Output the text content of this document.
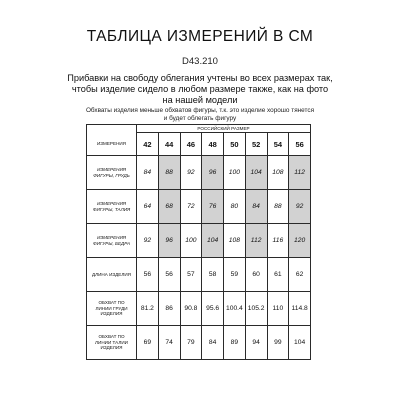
ТАБЛИЦА ИЗМЕРЕНИЙ В СМ
D43.210
Прибавки на свободу облегания учтены во всех размерах так,
чтобы изделие сидело в любом размере также, как на фото
на нашей модели
Обхваты изделия меньше обхватов фигуры, т.к. это изделие хорошо тянется
и будет облегать фигуру
	РОССИЙСКИЙ РАЗМЕР							
ИЗМЕРЕНИЯ	42	44	46	48	50	52	54	56

ИЗМЕРЕНИЯ
ФИГУРЫ, ГРУДЬ	84	88	92	96	100	104	108	112

ИЗМЕРЕНИЯ
ФИГУРЫ, ТАЛИЯ	64	68	72	76	80	84	88	92

ИЗМЕРЕНИЯ
ФИГУРЫ, БЕДРА	92	96	100	104	108	112	116	120

ДЛИНА ИЗДЕЛИЯ	56	56	57	58	59	60	61	62

ОБХВАТ ПО
ЛИНИИ ГРУДИ
ИЗДЕЛИЯ	81.2	86	90.8	95.6	100.4	105.2	110	114.8

ОБХВАТ ПО
ЛИНИИ ТАЛИИ
ИЗДЕЛИЯ	69	74	79	84	89	94	99	104
